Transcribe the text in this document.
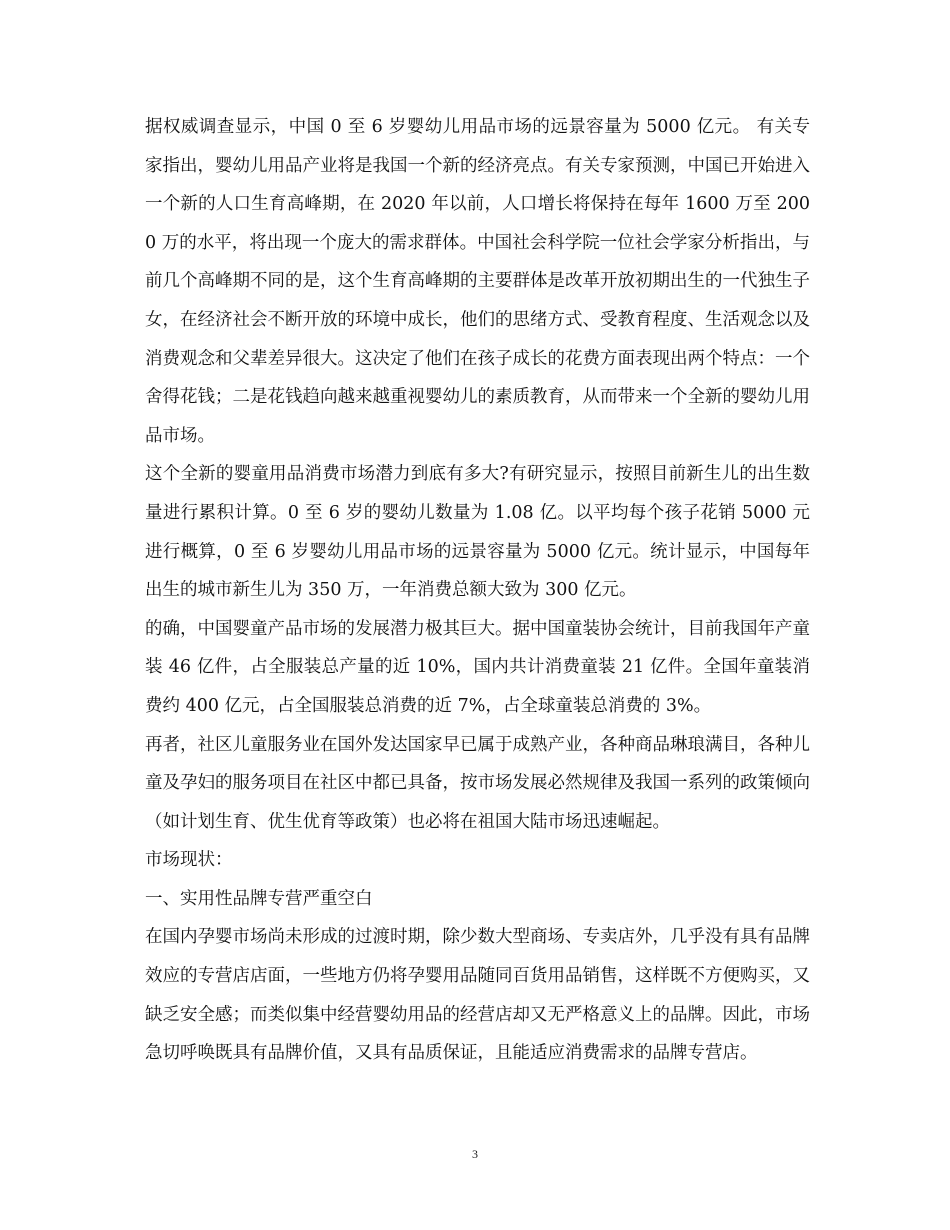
据权威调查显示，中国 0 至 6 岁婴幼儿用品市场的远景容量为 5000 亿元。 有关专家指出，婴幼儿用品产业将是我国一个新的经济亮点。有关专家预测，中国已开始进入一个新的人口生育高峰期，在 2020 年以前，人口增长将保持在每年 1600 万至 2000 万的水平，将出现一个庞大的需求群体。中国社会科学院一位社会学家分析指出，与前几个高峰期不同的是，这个生育高峰期的主要群体是改革开放初期出生的一代独生子女，在经济社会不断开放的环境中成长，他们的思绪方式、受教育程度、生活观念以及消费观念和父辈差异很大。这决定了他们在孩子成长的花费方面表现出两个特点：一个舍得花钱；二是花钱趋向越来越重视婴幼儿的素质教育，从而带来一个全新的婴幼儿用品市场。

这个全新的婴童用品消费市场潜力到底有多大?有研究显示，按照目前新生儿的出生数量进行累积计算。0 至 6 岁的婴幼儿数量为 1.08 亿。以平均每个孩子花销 5000 元进行概算，0 至 6 岁婴幼儿用品市场的远景容量为 5000 亿元。统计显示，中国每年出生的城市新生儿为 350 万，一年消费总额大致为 300 亿元。

的确，中国婴童产品市场的发展潜力极其巨大。据中国童装协会统计，目前我国年产童装 46 亿件，占全服装总产量的近 10%，国内共计消费童装 21 亿件。全国年童装消费约 400 亿元，占全国服装总消费的近 7%，占全球童装总消费的 3%。

再者，社区儿童服务业在国外发达国家早已属于成熟产业，各种商品琳琅满目，各种儿童及孕妇的服务项目在社区中都已具备，按市场发展必然规律及我国一系列的政策倾向（如计划生育、优生优育等政策）也必将在祖国大陆市场迅速崛起。

市场现状：

一、实用性品牌专营严重空白

在国内孕婴市场尚未形成的过渡时期，除少数大型商场、专卖店外，几乎没有具有品牌效应的专营店店面，一些地方仍将孕婴用品随同百货用品销售，这样既不方便购买，又缺乏安全感；而类似集中经营婴幼用品的经营店却又无严格意义上的品牌。因此，市场急切呼唤既具有品牌价值，又具有品质保证，且能适应消费需求的品牌专营店。

3
